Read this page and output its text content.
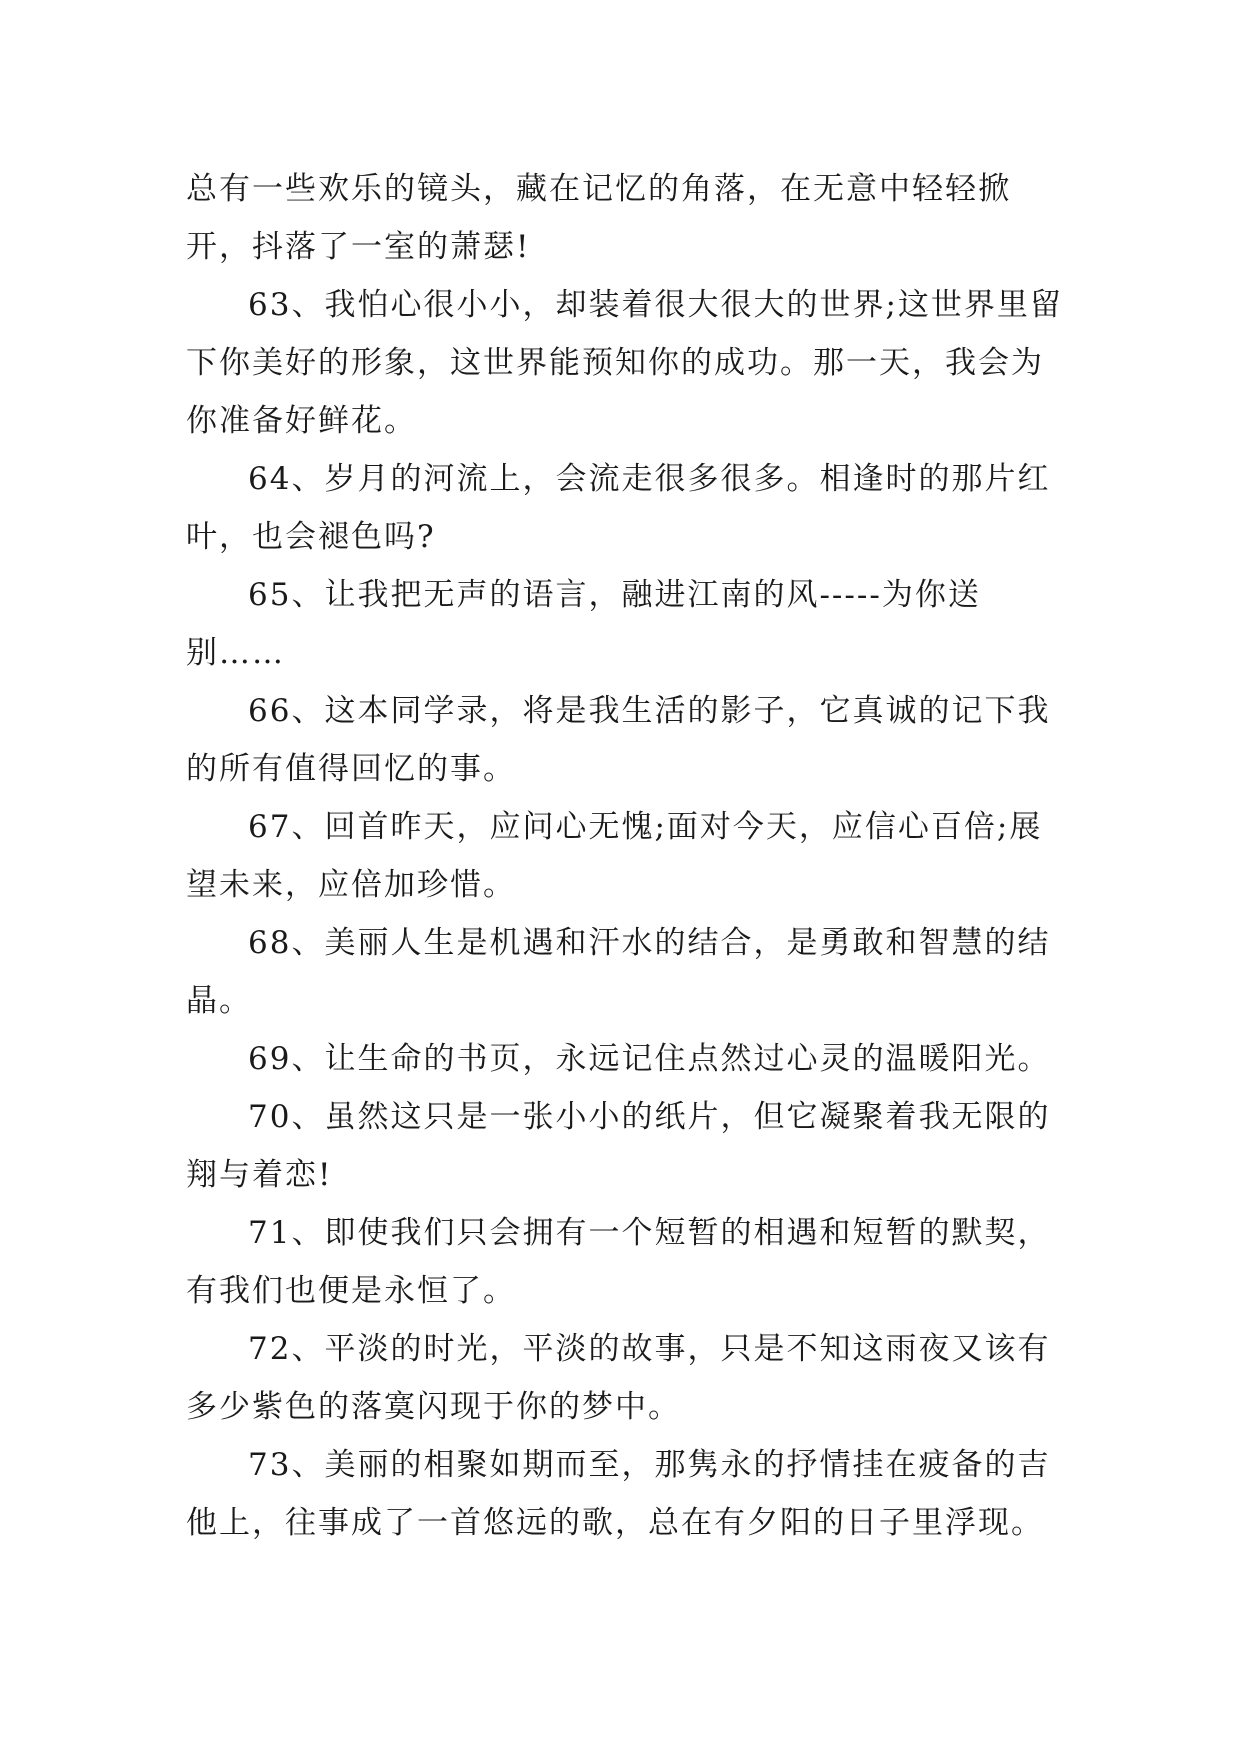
总有一些欢乐的镜头，藏在记忆的角落，在无意中轻轻掀开，抖落了一室的萧瑟!

63、我怕心很小小，却装着很大很大的世界;这世界里留下你美好的形象，这世界能预知你的成功。那一天，我会为你准备好鲜花。

64、岁月的河流上，会流走很多很多。相逢时的那片红叶，也会褪色吗?

65、让我把无声的语言，融进江南的风-----为你送别……

66、这本同学录，将是我生活的影子，它真诚的记下我的所有值得回忆的事。

67、回首昨天，应问心无愧;面对今天，应信心百倍;展望未来，应倍加珍惜。

68、美丽人生是机遇和汗水的结合，是勇敢和智慧的结晶。

69、让生命的书页，永远记住点然过心灵的温暖阳光。

70、虽然这只是一张小小的纸片，但它凝聚着我无限的翔与着恋!

71、即使我们只会拥有一个短暂的相遇和短暂的默契，有我们也便是永恒了。

72、平淡的时光，平淡的故事，只是不知这雨夜又该有多少紫色的落寞闪现于你的梦中。

73、美丽的相聚如期而至，那隽永的抒情挂在疲备的吉他上，往事成了一首悠远的歌，总在有夕阳的日子里浮现。
